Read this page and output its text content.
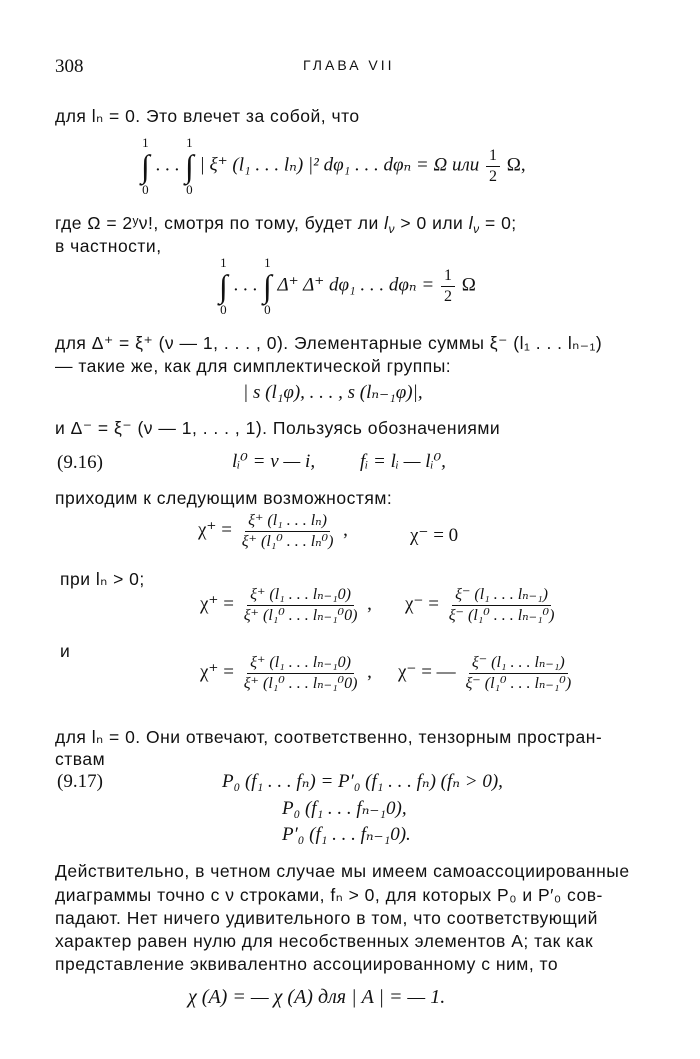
308	ГЛАВА VII
для lₙ = 0. Это влечет за собой, что
1
∫
0
. . .
1
∫
0
| ξ⁺ (l₁ . . . lₙ) |² dφ₁ . . . dφₙ = Ω или $\frac{1}{2} \Omega$,
где Ω = 2ʸν!, смотря по тому, будет ли $l_\nu > 0$ или $l_\nu = 0$;
в частности,
1
∫
0
. . .
1
∫
0
Δ⁺ Δ⁺ dφ₁ . . . $d\varphi_n = \frac{1}{2}$ Ω
для Δ⁺ = ξ⁺ (ν — 1, . . . , 0). Элементарные суммы ξ⁻ (l₁ . . . lₙ₋₁)
— такие же, как для симплектической группы:
| s (l₁φ), . . . , s (lₙ₋₁φ)|,
и Δ⁻ = ξ⁻ (ν — 1, . . . , 1). Пользуясь обозначениями
(9.16)	lᵢ⁰ = ν — i, fᵢ = lᵢ — lᵢ⁰,
приходим к следующим возможностям:
$\chi^+ = \frac{\text{ξ⁺ (l₁ . . . lₙ)}}{\text{ξ⁺ (l₁⁰ . . . lₙ⁰)}}$ ,	χ⁻ = 0
при lₙ > 0;
$\chi^+ = \frac{\text{ξ⁺ (l₁ . . . lₙ₋₁0)}}{\text{ξ⁺ (l₁⁰ . . . lₙ₋₁⁰0)}}$ , $\chi^- = \frac{\text{ξ⁻ (l₁ . . . lₙ₋₁)}}{\text{ξ⁻ (l₁⁰ . . . lₙ₋₁⁰)}}$
и
$\chi^+ = \frac{\text{ξ⁺ (l₁ . . . lₙ₋₁0)}}{\text{ξ⁺ (l₁⁰ . . . lₙ₋₁⁰0)}}$ , χ⁻ = — $\frac{\text{ξ⁻ (l₁ . . . lₙ₋₁)}}{\text{ξ⁻ (l₁⁰ . . . lₙ₋₁⁰)}}$
для lₙ = 0. Они отвечают, соответственно, тензорным простран-
ствам
(9.17)	P₀ (f₁ . . . fₙ) = P′₀ (f₁ . . . fₙ) (fₙ > 0),
P₀ (f₁ . . . fₙ₋₁0),
P′₀ (f₁ . . . fₙ₋₁0).
Действительно, в четном случае мы имеем самоассоциированные
диаграммы точно с ν строками, fₙ > 0, для которых P₀ и P′₀ сов-
падают. Нет ничего удивительного в том, что соответствующий
характер равен нулю для несобственных элементов A; так как
представление эквивалентно ассоциированному с ним, то
χ (A) = — χ (A) для | A | = — 1.
